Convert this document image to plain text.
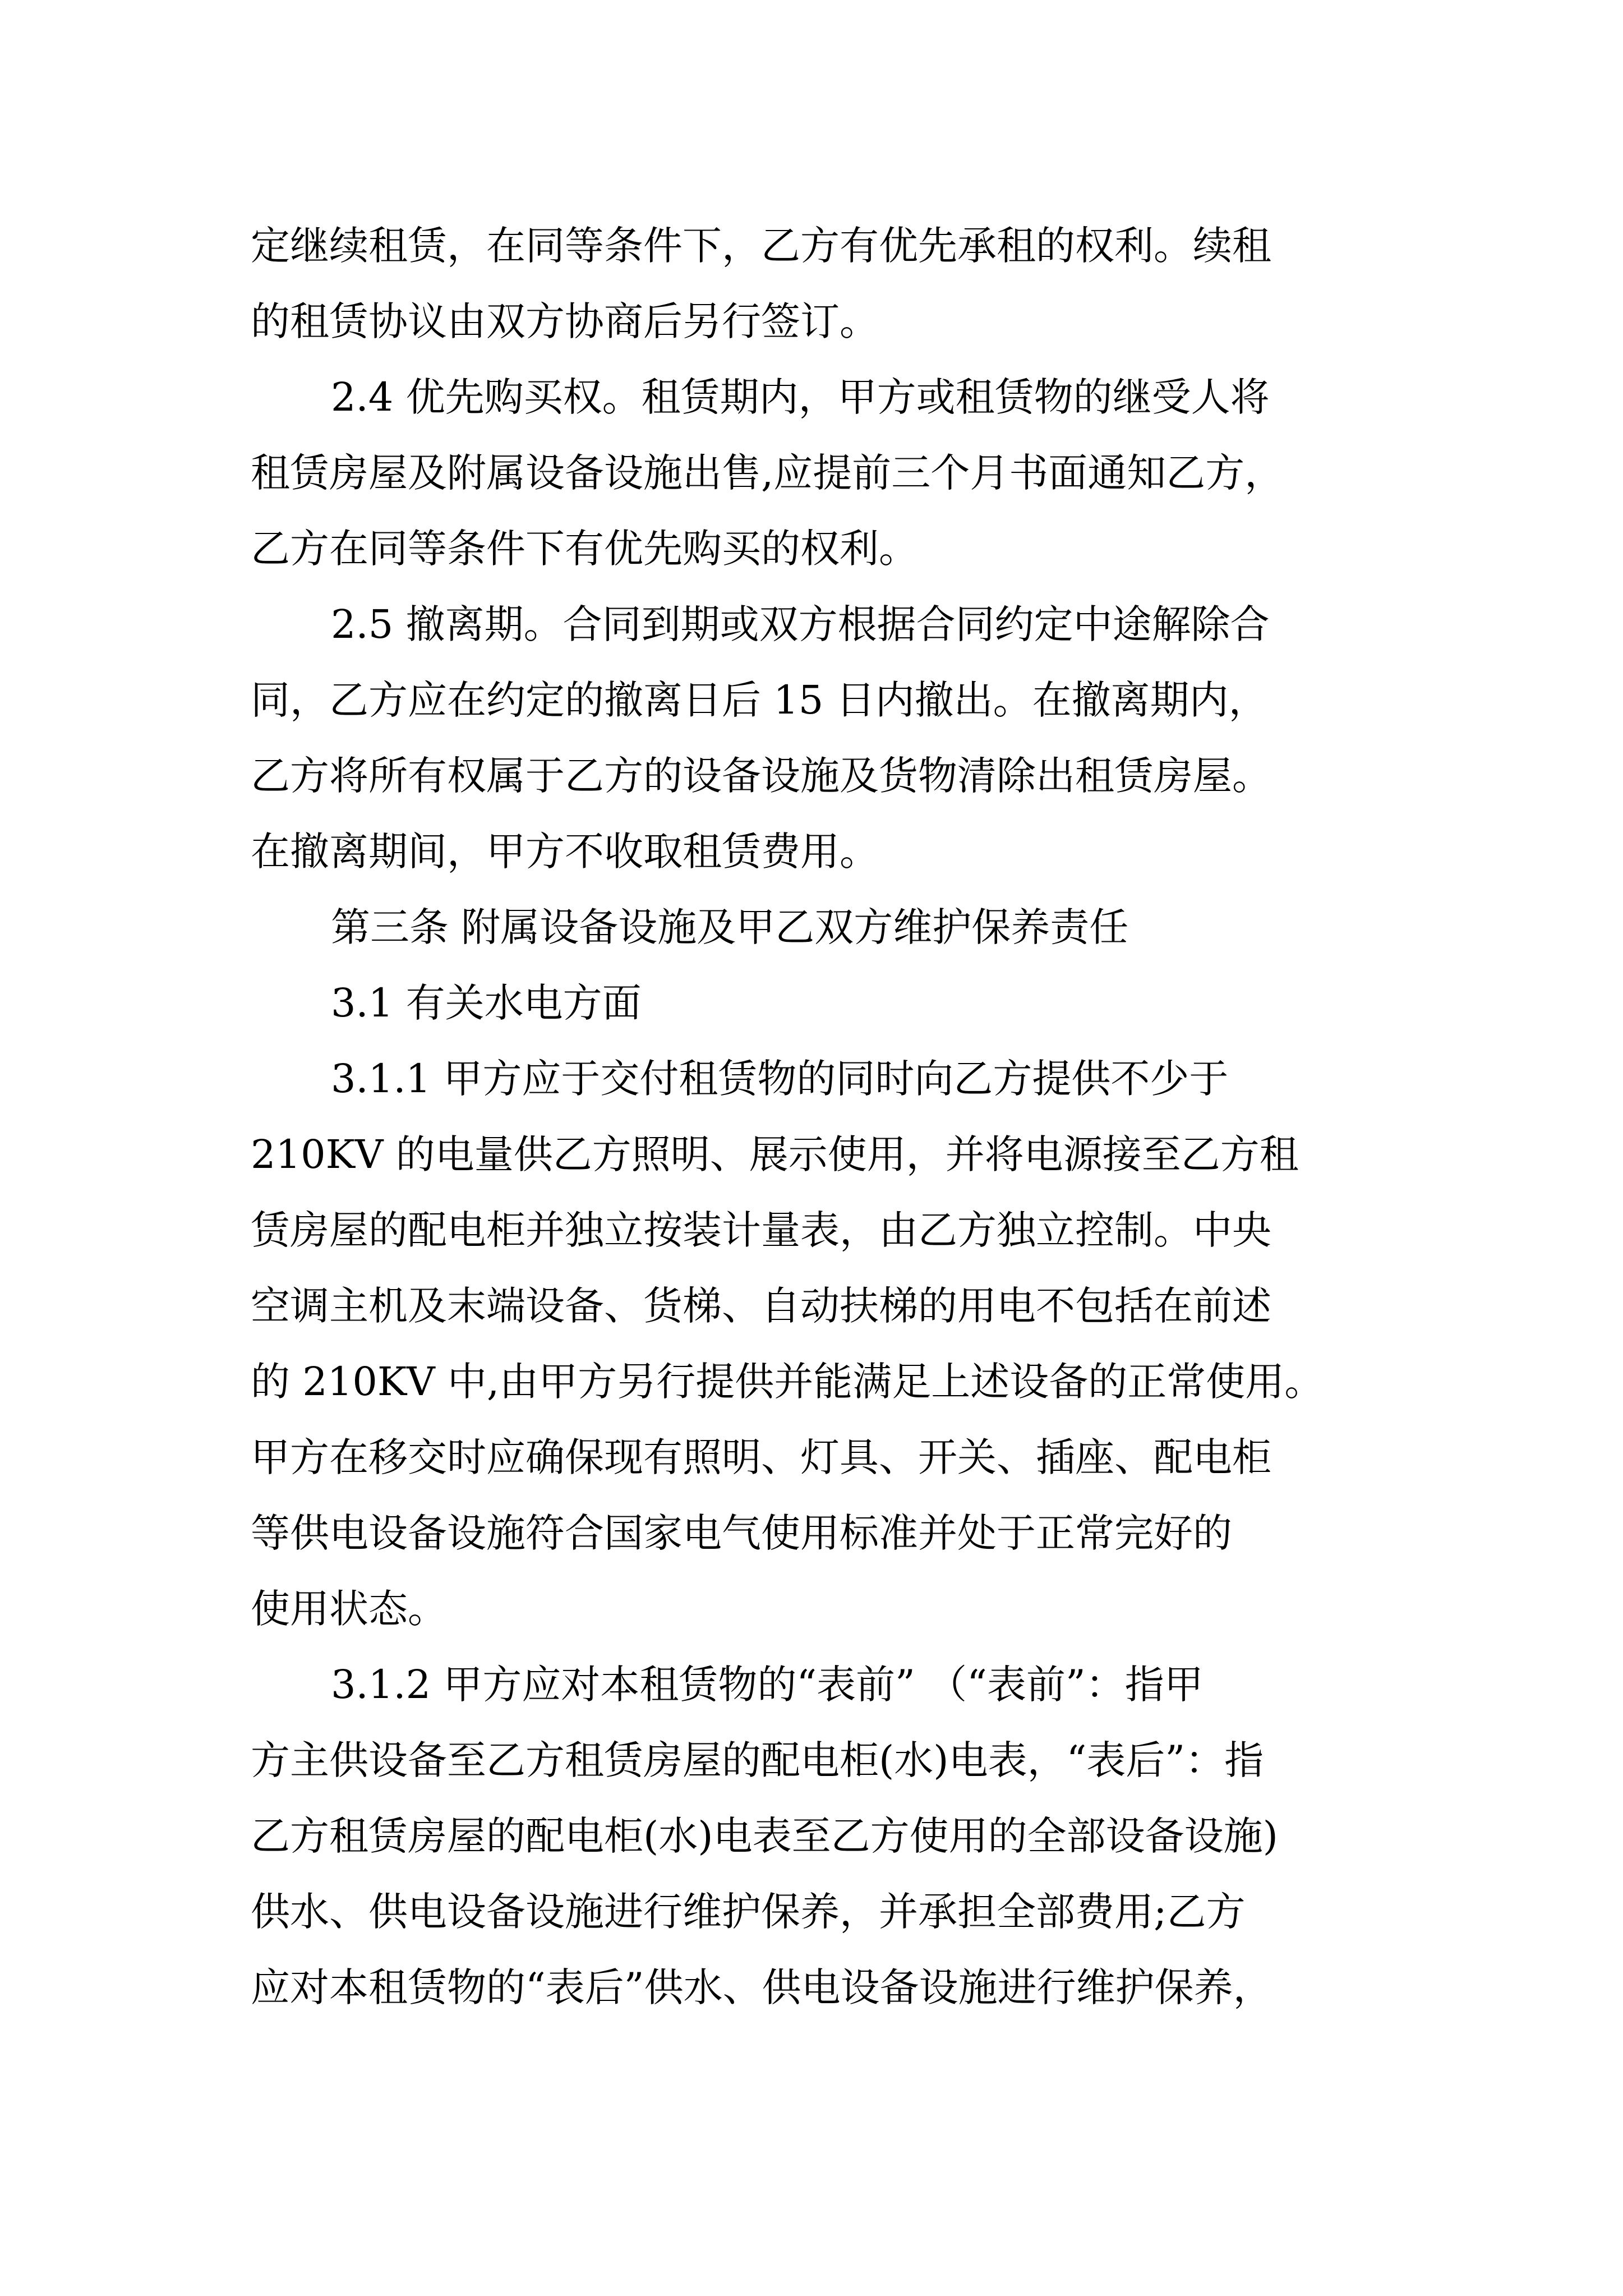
定继续租赁，在同等条件下，乙方有优先承租的权利。续租
的租赁协议由双方协商后另行签订。
2.4 优先购买权。租赁期内，甲方或租赁物的继受人将
租赁房屋及附属设备设施出售,应提前三个月书面通知乙方，
乙方在同等条件下有优先购买的权利。
2.5 撤离期。合同到期或双方根据合同约定中途解除合
同，乙方应在约定的撤离日后 15 日内撤出。在撤离期内，
乙方将所有权属于乙方的设备设施及货物清除出租赁房屋。
在撤离期间，甲方不收取租赁费用。
第三条 附属设备设施及甲乙双方维护保养责任
3.1 有关水电方面
3.1.1 甲方应于交付租赁物的同时向乙方提供不少于
210KV 的电量供乙方照明、展示使用，并将电源接至乙方租
赁房屋的配电柜并独立按装计量表，由乙方独立控制。中央
空调主机及末端设备、货梯、自动扶梯的用电不包括在前述
的 210KV 中,由甲方另行提供并能满足上述设备的正常使用。
甲方在移交时应确保现有照明、灯具、开关、插座、配电柜
等供电设备设施符合国家电气使用标准并处于正常完好的
使用状态。
3.1.2 甲方应对本租赁物的“表前” （“表前”：指甲
方主供设备至乙方租赁房屋的配电柜(水)电表，“表后”：指
乙方租赁房屋的配电柜(水)电表至乙方使用的全部设备设施)
供水、供电设备设施进行维护保养，并承担全部费用;乙方
应对本租赁物的“表后”供水、供电设备设施进行维护保养，
